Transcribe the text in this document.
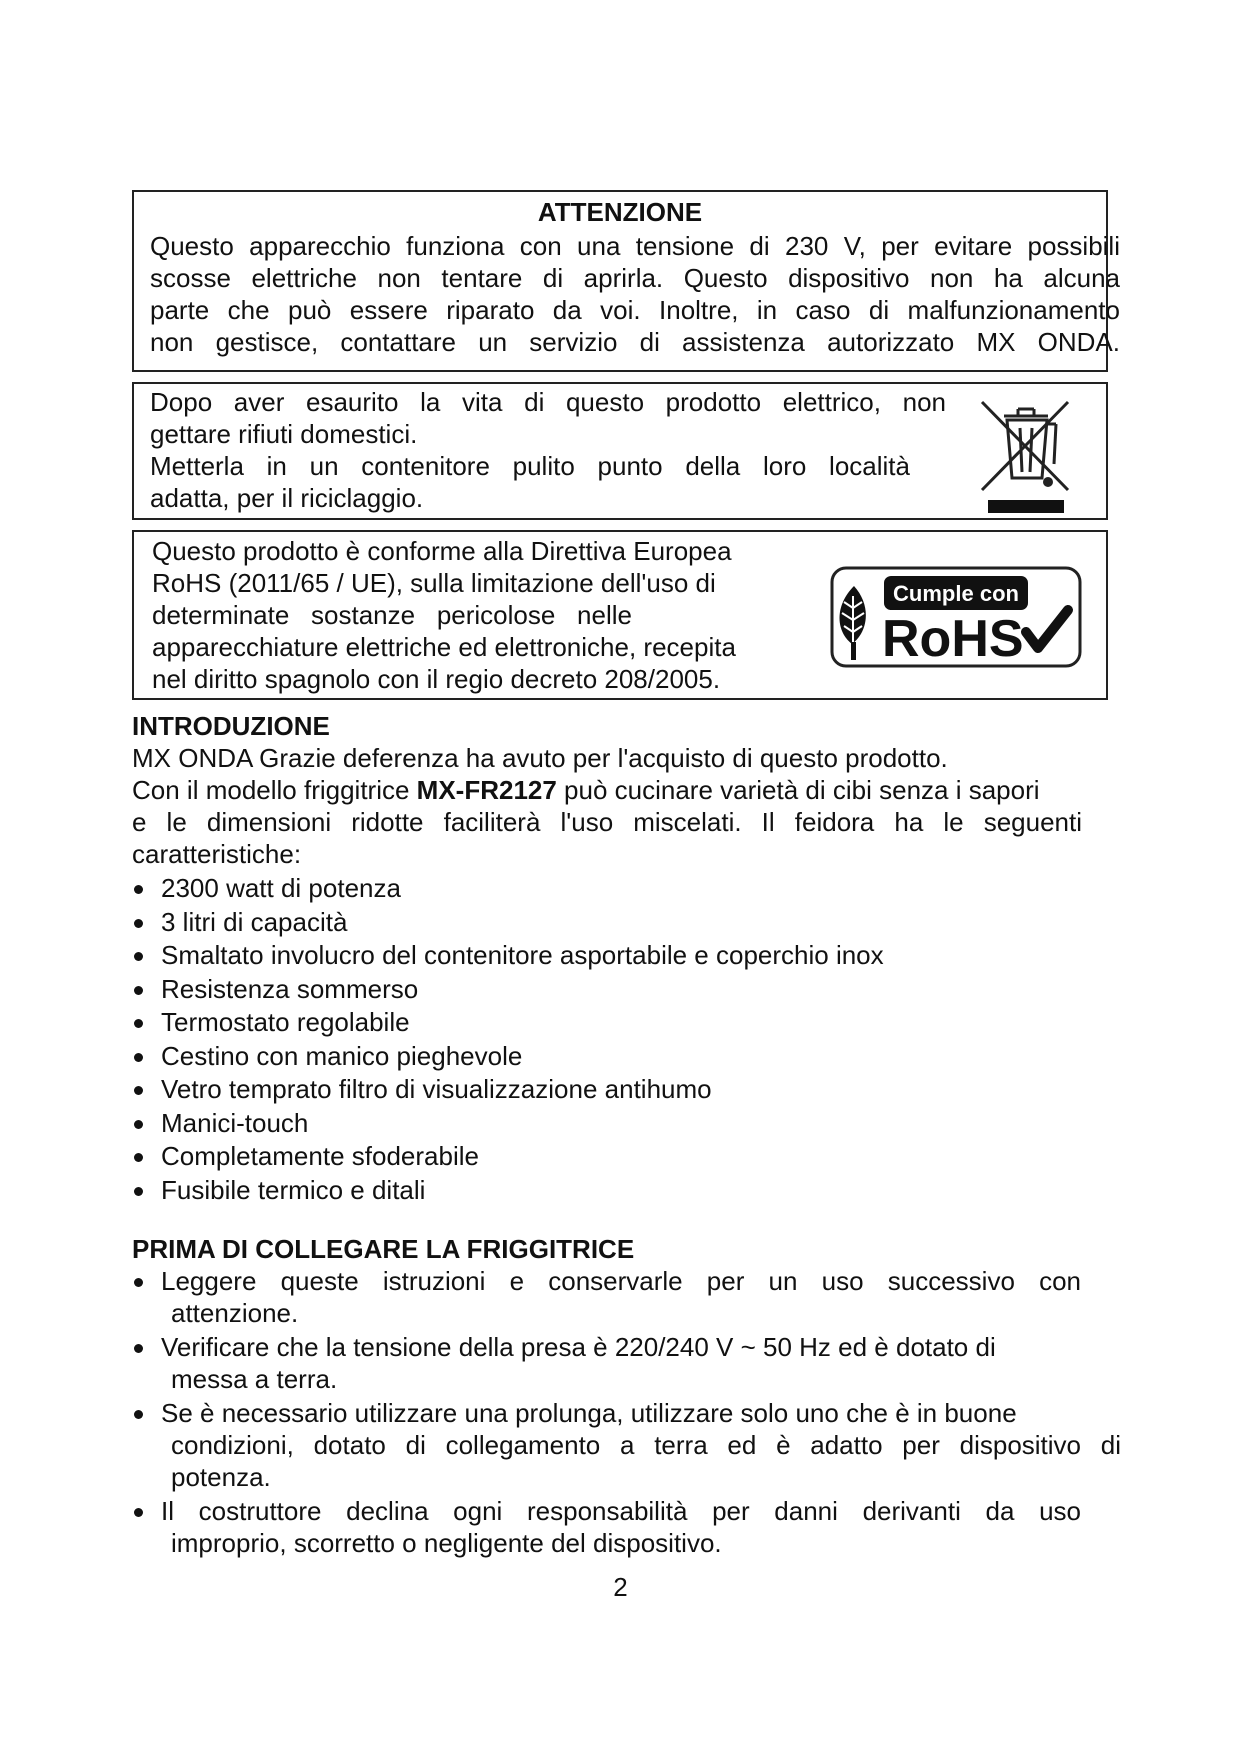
ATTENZIONE
Questo apparecchio funziona con una tensione di 230 V, per evitare possibili
scosse elettriche non tentare di aprirla. Questo dispositivo non ha alcuna
parte che può essere riparato da voi. Inoltre, in caso di malfunzionamento
non gestisce, contattare un servizio di assistenza autorizzato MX ONDA.
Dopo aver esaurito la vita di questo prodotto elettrico, non
gettare rifiuti domestici.
Metterla in un contenitore pulito punto della loro località
adatta, per il riciclaggio.
Questo prodotto è conforme alla Direttiva Europea
RoHS (2011/65 / UE), sulla limitazione dell'uso di
determinate sostanze pericolose nelle
apparecchiature elettriche ed elettroniche, recepita
nel diritto spagnolo con il regio decreto 208/2005.
Cumple con
RoHS

INTRODUZIONE

MX ONDA Grazie deferenza ha avuto per l'acquisto di questo prodotto.
Con il modello friggitrice MX-FR2127 può cucinare varietà di cibi senza i sapori
e le dimensioni ridotte faciliterà l'uso miscelati. Il feidora ha le seguenti
caratteristiche:

2300 watt di potenza
3 litri di capacità
Smaltato involucro del contenitore asportabile e coperchio inox
Resistenza sommerso
Termostato regolabile
Cestino con manico pieghevole
Vetro temprato filtro di visualizzazione antihumo
Manici-touch
Completamente sfoderabile
Fusibile termico e ditali

PRIMA DI COLLEGARE LA FRIGGITRICE

Leggere queste istruzioni e conservarle per un uso successivo con
attenzione.
Verificare che la tensione della presa è 220/240 V ~ 50 Hz ed è dotato di
messa a terra.
Se è necessario utilizzare una prolunga, utilizzare solo uno che è in buone
condizioni, dotato di collegamento a terra ed è adatto per dispositivo di
potenza.
Il costruttore declina ogni responsabilità per danni derivanti da uso
improprio, scorretto o negligente del dispositivo.
2
